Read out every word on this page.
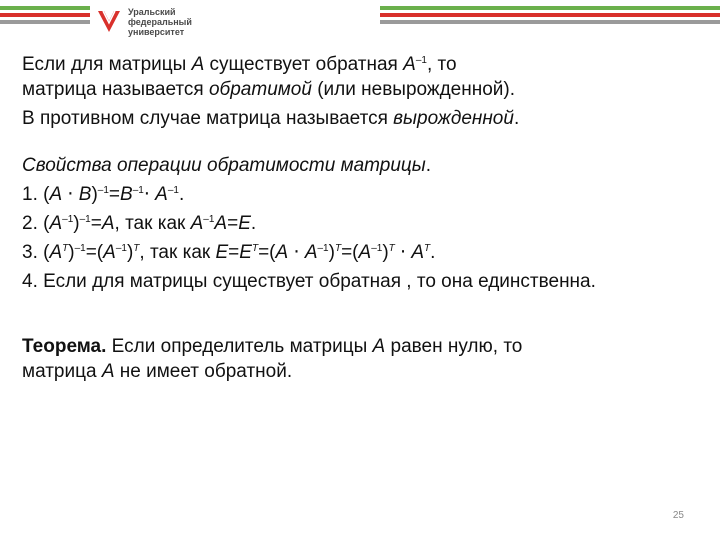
Уральский
федеральный
университет

Если для матрицы A существует обратная $A^{-1}$, то

матрица называется обратимой (или невырожденной).

В противном случае матрица называется вырожденной.

Свойства операции обратимости матрицы.

1. $(A \cdot B)^{-1}=B^{-1}\cdot A^{-1}$.

2. $(A^{-1})^{-1}=A$, так как $A^{-1}A=E$.

3. $(A^T)^{-1}=(A^{-1})^T$, так как $E=E^T=(A \cdot A^{-1})^T=(A^{-1})^T \cdot A^T$.

4. Если для матрицы существует обратная , то она единственна.

Теорема. Если определитель матрицы A равен нулю, то

матрица A не имеет обратной.

25
